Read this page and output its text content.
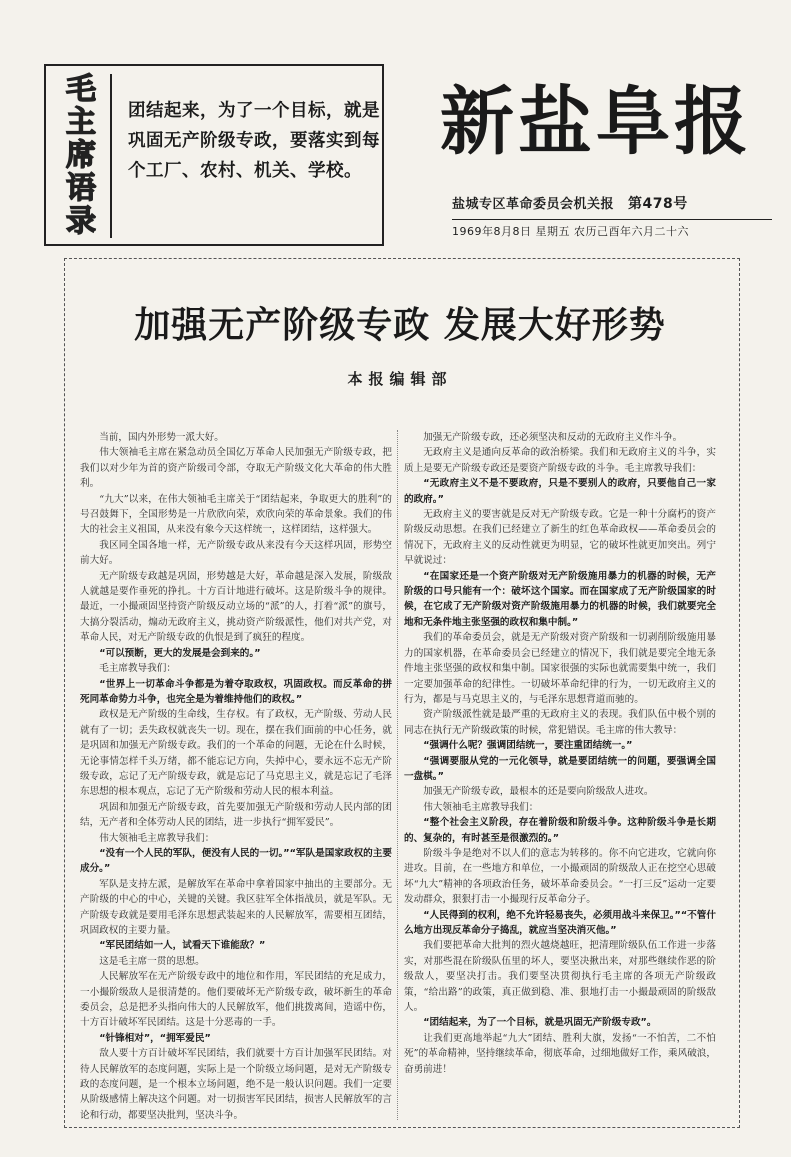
毛
主
席
语
录
团结起来，为了一个目标，就是巩固无产阶级专政，要落实到每个工厂、农村、机关、学校。
新盐阜报
盐城专区革命委员会机关报 第478号
1969年8月8日 星期五 农历己酉年六月二十六
加强无产阶级专政 发展大好形势
本报编辑部

当前，国内外形势一派大好。

伟大领袖毛主席在紧急动员全国亿万革命人民加强无产阶级专政，把我们以对少年为首的资产阶级司令部，夺取无产阶级文化大革命的伟大胜利。

“九大”以来，在伟大领袖毛主席关于“团结起来，争取更大的胜利”的号召鼓舞下，全国形势是一片欣欣向荣，欢欣向荣的革命景象。我们的伟大的社会主义祖国，从来没有象今天这样统一，这样团结，这样强大。

我区同全国各地一样，无产阶级专政从来没有今天这样巩固，形势空前大好。

无产阶级专政越是巩固，形势越是大好，革命越是深入发展，阶级敌人就越是要作垂死的挣扎。十方百计地进行破坏。这是阶级斗争的规律。最近，一小撮顽固坚持资产阶级反动立场的“派”的人，打着“派”的旗号，大搞分裂活动，煽动无政府主义，挑动资产阶级派性，他们对共产党，对革命人民，对无产阶级专政的仇恨是到了疯狂的程度。

“可以预断，更大的发展是会到来的。”

毛主席教导我们：

“世界上一切革命斗争都是为着夺取政权，巩固政权。而反革命的拼死同革命势力斗争，也完全是为着维持他们的政权。”

政权是无产阶级的生命线，生存权。有了政权，无产阶级、劳动人民就有了一切；丢失政权就丧失一切。现在，摆在我们面前的中心任务，就是巩固和加强无产阶级专政。我们的一个革命的问题，无论在什么时候，无论事情怎样千头万绪，都不能忘记方向，失掉中心，要永远不忘无产阶级专政，忘记了无产阶级专政，就是忘记了马克思主义，就是忘记了毛泽东思想的根本观点，忘记了无产阶级和劳动人民的根本利益。

巩固和加强无产阶级专政，首先要加强无产阶级和劳动人民内部的团结，无产者和全体劳动人民的团结，进一步执行“拥军爱民”。

伟大领袖毛主席教导我们：

“没有一个人民的军队，便没有人民的一切。”“军队是国家政权的主要成分。”

军队是支持左派，是解放军在革命中拿着国家中抽出的主要部分。无产阶级的中心的中心，关键的关键。我区驻军全体指战员，就是军队。无产阶级专政就是要用毛泽东思想武装起来的人民解放军，需要相互团结，巩固政权的主要力量。

“军民团结如一人，试看天下谁能敌？”

这是毛主席一贯的思想。

人民解放军在无产阶级专政中的地位和作用，军民团结的充足成力，一小撮阶级敌人是很清楚的。他们要破坏无产阶级专政，破坏新生的革命委员会，总是把矛头指向伟大的人民解放军，他们挑拨离间，造谣中伤，十方百计破坏军民团结。这是十分恶毒的一手。

“针锋相对”，“拥军爱民”

敌人要十方百计破坏军民团结，我们就要十方百计加强军民团结。对待人民解放军的态度问题，实际上是一个阶级立场问题，是对无产阶级专政的态度问题，是一个根本立场问题，绝不是一般认识问题。我们一定要从阶级感情上解决这个问题。对一切损害军民团结，损害人民解放军的言论和行动，都要坚决批判，坚决斗争。

加强无产阶级专政，还必须坚决和反动的无政府主义作斗争。

无政府主义是通向反革命的政治桥梁。我们和无政府主义的斗争，实质上是要无产阶级专政还是要资产阶级专政的斗争。毛主席教导我们：

“无政府主义不是不要政府，只是不要别人的政府，只要他自己一家的政府。”

无政府主义的要害就是反对无产阶级专政。它是一种十分腐朽的资产阶级反动思想。在我们已经建立了新生的红色革命政权——革命委员会的情况下，无政府主义的反动性就更为明显，它的破坏性就更加突出。列宁早就说过：

“在国家还是一个资产阶级对无产阶级施用暴力的机器的时候，无产阶级的口号只能有一个：破坏这个国家。而在国家成了无产阶级国家的时候，在它成了无产阶级对资产阶级施用暴力的机器的时候，我们就要完全地和无条件地主张坚强的政权和集中制。”

我们的革命委员会，就是无产阶级对资产阶级和一切剥削阶级施用暴力的国家机器，在革命委员会已经建立的情况下，我们就是要完全地无条件地主张坚强的政权和集中制。国家很强的实际也就需要集中统一，我们一定要加强革命的纪律性。一切破坏革命纪律的行为，一切无政府主义的行为，都是与马克思主义的，与毛泽东思想背道而驰的。

资产阶级派性就是最严重的无政府主义的表现。我们队伍中极个别的同志在执行无产阶级政策的时候，常犯错误。毛主席的伟大教导：

“强调什么呢？强调团结统一，要注重团结统一。”

“强调要服从党的一元化领导，就是要团结统一的问题，要强调全国一盘棋。”

加强无产阶级专政，最根本的还是要向阶级敌人进攻。

伟大领袖毛主席教导我们：

“整个社会主义阶段，存在着阶级和阶级斗争。这种阶级斗争是长期的、复杂的，有时甚至是很激烈的。”

阶级斗争是绝对不以人们的意志为转移的。你不向它进攻，它就向你进攻。目前，在一些地方和单位，一小撮顽固的阶级敌人正在挖空心思破坏“九大”精神的各项政治任务，破坏革命委员会。“一打三反”运动一定要发动群众，狠狠打击一小撮现行反革命分子。

“人民得到的权利，绝不允许轻易丧失，必须用战斗来保卫。”“不管什么地方出现反革命分子捣乱，就应当坚决消灭他。”

我们要把革命大批判的烈火越烧越旺，把清理阶级队伍工作进一步落实，对那些混在阶级队伍里的坏人，要坚决揪出来，对那些继续作恶的阶级敌人，要坚决打击。我们要坚决贯彻执行毛主席的各项无产阶级政策，“给出路”的政策，真正做到稳、准、狠地打击一小撮最顽固的阶级敌人。

“团结起来，为了一个目标，就是巩固无产阶级专政”。

让我们更高地举起“九大”团结、胜利大旗，发扬“一不怕苦，二不怕死”的革命精神，坚持继续革命，彻底革命，过细地做好工作，乘风破浪，奋勇前进！
